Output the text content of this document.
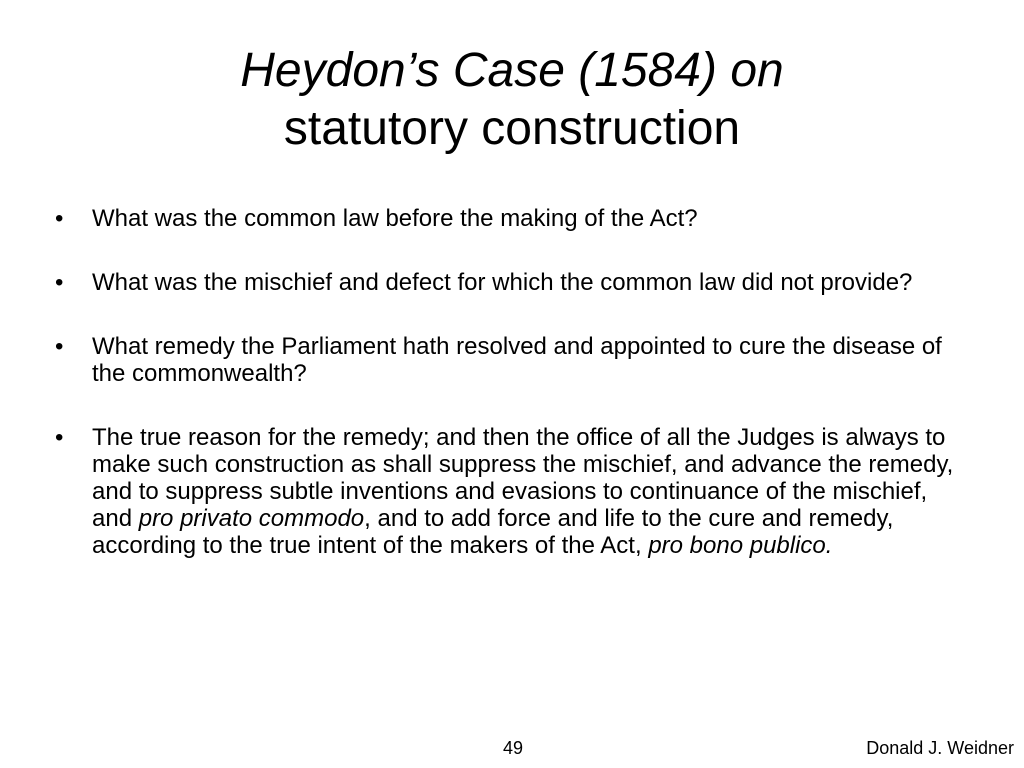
Heydon’s Case (1584) on
statutory construction
• What was the common law before the making of the Act?
• What was the mischief and defect for which the common law did not provide?
• What remedy the Parliament hath resolved and appointed to cure the disease of the commonwealth?
• The true reason for the remedy; and then the office of all the Judges is always to make such construction as shall suppress the mischief, and advance the remedy, and to suppress subtle inventions and evasions to continuance of the mischief, and pro privato commodo, and to add force and life to the cure and remedy, according to the true intent of the makers of the Act, pro bono publico.
49	Donald J. Weidner
